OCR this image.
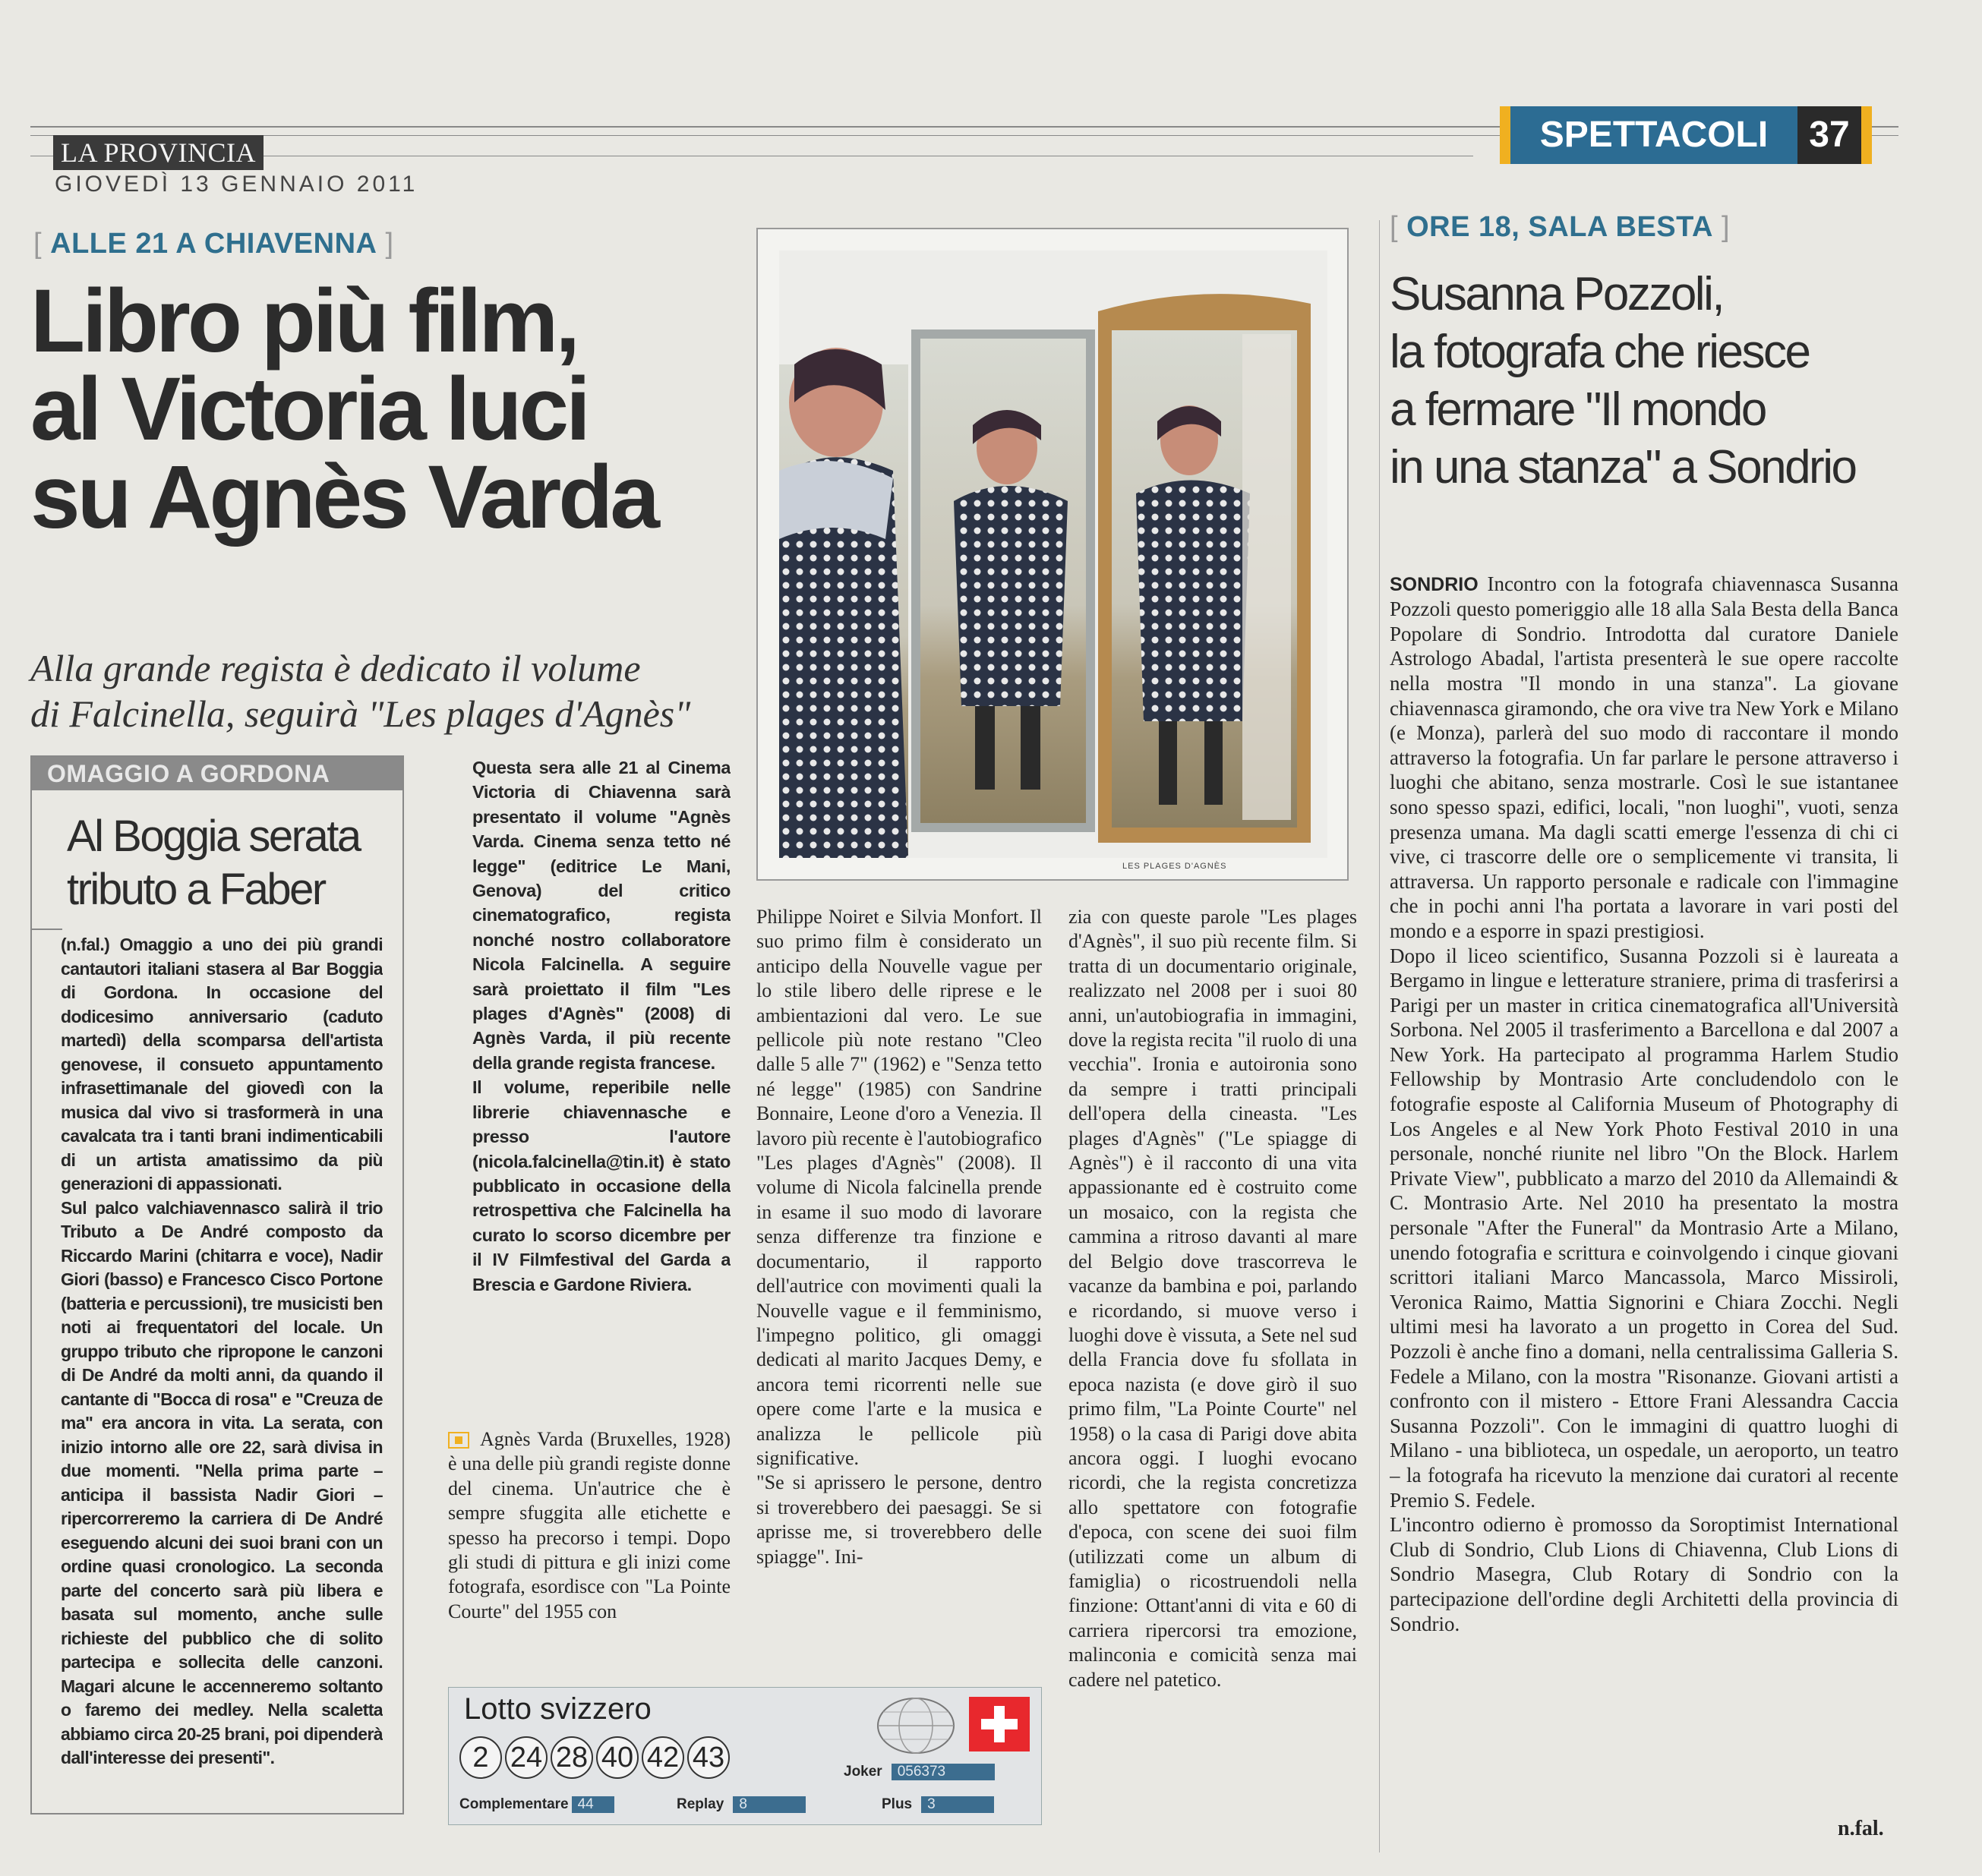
LA PROVINCIA
GIOVEDÌ 13 GENNAIO 2011
SPETTACOLI	37
[ ALLE 21 A CHIAVENNA ]
Libro più film,
al Victoria luci
su Agnès Varda
Alla grande regista è dedicato il volume
di Falcinella, seguirà "Les plages d'Agnès"
OMAGGIO A GORDONA
Al Boggia serata
tributo a Faber
(n.fal.) Omaggio a uno dei più grandi cantautori italiani stasera al Bar Boggia di Gordona. In occasione del dodicesimo anniversario (caduto martedì) della scomparsa dell'artista genovese, il consueto appuntamento infrasettimanale del giovedì con la musica dal vivo si trasformerà in una cavalcata tra i tanti brani indimenticabili di un artista amatissimo da più generazioni di appassionati.
Sul palco valchiavennasco salirà il trio Tributo a De André composto da Riccardo Marini (chitarra e voce), Nadir Giori (basso) e Francesco Cisco Portone (batteria e percussioni), tre musicisti ben noti ai frequentatori del locale. Un gruppo tributo che ripropone le canzoni di De André da molti anni, da quando il cantante di "Bocca di rosa" e "Creuza de ma" era ancora in vita. La serata, con inizio intorno alle ore 22, sarà divisa in due momenti. "Nella prima parte – anticipa il bassista Nadir Giori – ripercorreremo la carriera di De André eseguendo alcuni dei suoi brani con un ordine quasi cronologico. La seconda parte del concerto sarà più libera e basata sul momento, anche sulle richieste del pubblico che di solito partecipa e sollecita delle canzoni. Magari alcune le accenneremo soltanto o faremo dei medley. Nella scaletta abbiamo circa 20-25 brani, poi dipenderà dall'interesse dei presenti".
LES PLAGES D'AGNÈS
Questa sera alle 21 al Cinema Victoria di Chiavenna sarà presentato il volume "Agnès Varda. Cinema senza tetto né legge" (editrice Le Mani, Genova) del critico cinematografico, regista nonché nostro collaboratore Nicola Falcinella. A seguire sarà proiettato il film "Les plages d'Agnès" (2008) di Agnès Varda, il più recente della grande regista francese.
Il volume, reperibile nelle librerie chiavennasche e presso l'autore (nicola.falcinella@tin.it) è stato pubblicato in occasione della retrospettiva che Falcinella ha curato lo scorso dicembre per il IV Filmfestival del Garda a Brescia e Gardone Riviera.
Agnès Varda (Bruxelles, 1928) è una delle più grandi registe donne del cinema. Un'autrice che è sempre sfuggita alle etichette e spesso ha precorso i tempi. Dopo gli studi di pittura e gli inizi come fotografa, esordisce con "La Pointe Courte" del 1955 con
Philippe Noiret e Silvia Monfort. Il suo primo film è considerato un anticipo della Nouvelle vague per lo stile libero delle riprese e le ambientazioni dal vero. Le sue pellicole più note restano "Cleo dalle 5 alle 7" (1962) e "Senza tetto né legge" (1985) con Sandrine Bonnaire, Leone d'oro a Venezia. Il lavoro più recente è l'autobiografico "Les plages d'Agnès" (2008). Il volume di Nicola falcinella prende in esame il suo modo di lavorare senza differenze tra finzione e documentario, il rapporto dell'autrice con movimenti quali la Nouvelle vague e il femminismo, l'impegno politico, gli omaggi dedicati al marito Jacques Demy, e ancora temi ricorrenti nelle sue opere come l'arte e la musica e analizza le pellicole più significative.
"Se si aprissero le persone, dentro si troverebbero dei paesaggi. Se si aprisse me, si troverebbero delle spiagge". Ini-
zia con queste parole "Les plages d'Agnès", il suo più recente film. Si tratta di un documentario originale, realizzato nel 2008 per i suoi 80 anni, un'autobiografia in immagini, dove la regista recita "il ruolo di una vecchia". Ironia e autoironia sono da sempre i tratti principali dell'opera della cineasta. "Les plages d'Agnès" ("Le spiagge di Agnès") è il racconto di una vita appassionante ed è costruito come un mosaico, con la regista che cammina a ritroso davanti al mare del Belgio dove trascorreva le vacanze da bambina e poi, parlando e ricordando, si muove verso i luoghi dove è vissuta, a Sete nel sud della Francia dove fu sfollata in epoca nazista (e dove girò il suo primo film, "La Pointe Courte" nel 1958) o la casa di Parigi dove abita ancora oggi. I luoghi evocano ricordi, che la regista concretizza allo spettatore con fotografie d'epoca, con scene dei suoi film (utilizzati come un album di famiglia) o ricostruendoli nella finzione: Ottant'anni di vita e 60 di carriera ripercorsi tra emozione, malinconia e comicità senza mai cadere nel patetico.
Lotto svizzero
2 24 28 40 42 43	Joker 056373
Complementare 44	Replay 8	Plus 3
[ ORE 18, SALA BESTA ]
Susanna Pozzoli,
la fotografa che riesce
a fermare "Il mondo
in una stanza" a Sondrio

SONDRIO Incontro con la fotografa chiavennasca Susanna Pozzoli questo pomeriggio alle 18 alla Sala Besta della Banca Popolare di Sondrio. Introdotta dal curatore Daniele Astrologo Abadal, l'artista presenterà le sue opere raccolte nella mostra "Il mondo in una stanza". La giovane chiavennasca giramondo, che ora vive tra New York e Milano (e Monza), parlerà del suo modo di raccontare il mondo attraverso la fotografia. Un far parlare le persone attraverso i luoghi che abitano, senza mostrarle. Così le sue istantanee sono spesso spazi, edifici, locali, "non luoghi", vuoti, senza presenza umana. Ma dagli scatti emerge l'essenza di chi ci vive, ci trascorre delle ore o semplicemente vi transita, li attraversa. Un rapporto personale e radicale con l'immagine che in pochi anni l'ha portata a lavorare in vari posti del mondo e a esporre in spazi prestigiosi.
Dopo il liceo scientifico, Susanna Pozzoli si è laureata a Bergamo in lingue e letterature straniere, prima di trasferirsi a Parigi per un master in critica cinematografica all'Università Sorbona. Nel 2005 il trasferimento a Barcellona e dal 2007 a New York. Ha partecipato al programma Harlem Studio Fellowship by Montrasio Arte concludendolo con le fotografie esposte al California Museum of Photography di Los Angeles e al New York Photo Festival 2010 in una personale, nonché riunite nel libro "On the Block. Harlem Private View", pubblicato a marzo del 2010 da Allemaindi & C. Montrasio Arte. Nel 2010 ha presentato la mostra personale "After the Funeral" da Montrasio Arte a Milano, unendo fotografia e scrittura e coinvolgendo i cinque giovani scrittori italiani Marco Mancassola, Marco Missiroli, Veronica Raimo, Mattia Signorini e Chiara Zocchi. Negli ultimi mesi ha lavorato a un progetto in Corea del Sud. Pozzoli è anche fino a domani, nella centralissima Galleria S. Fedele a Milano, con la mostra "Risonanze. Giovani artisti a confronto con il mistero - Ettore Frani Alessandra Caccia Susanna Pozzoli". Con le immagini di quattro luoghi di Milano - una biblioteca, un ospedale, un aeroporto, un teatro – la fotografa ha ricevuto la menzione dai curatori al recente Premio S. Fedele.
L'incontro odierno è promosso da Soroptimist International Club di Sondrio, Club Lions di Chiavenna, Club Lions di Sondrio Masegra, Club Rotary di Sondrio con la partecipazione dell'ordine degli Architetti della provincia di Sondrio.

n.fal.
